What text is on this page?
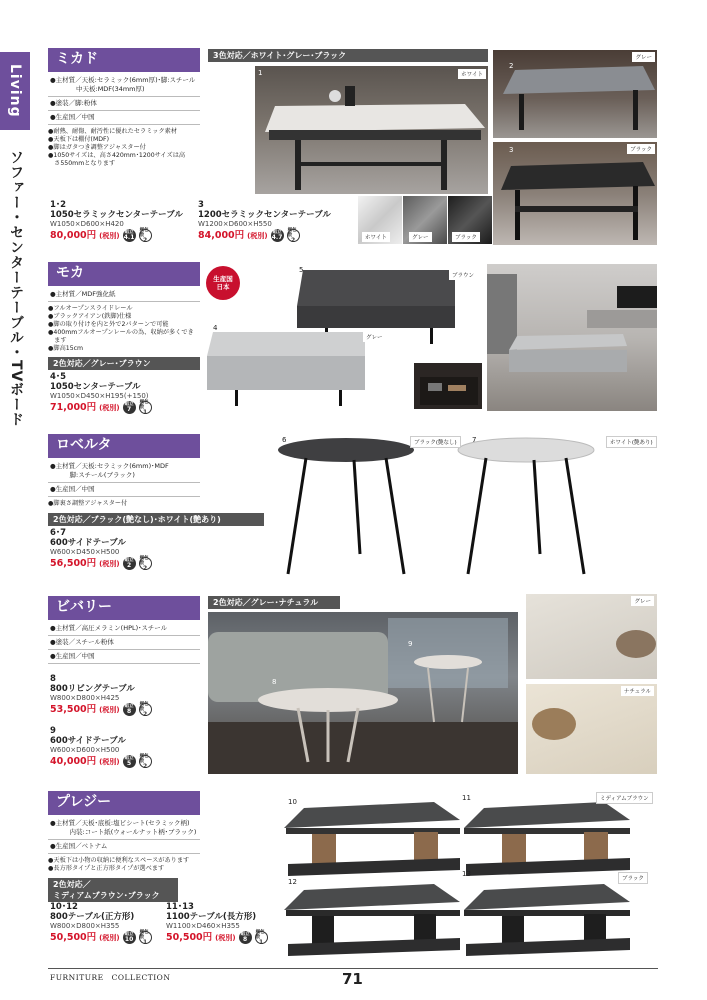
Living
ソファー・センターテーブル・TVボード
ミカド
●主材質／天板:セラミック(6mm厚)･脚:スチール
　　　　中天板:MDF(34mm厚)
●塗装／脚:粉体
●生産国／中国
●耐熱、耐傷、耐汚性に優れたセラミック素材
●天板下は棚付(MDF)
●脚はガタつき調整アジャスター付
●1050サイズは、高さ420mm･1200サイズは高
　さ550mmとなります
3色対応／ホワイト･グレー･ブラック
1	ホワイト
2
グレー
3	ブラック
ホワイト	グレー	ブラック
1･2
1050セラミックセンターテーブル
W1050×D600×H420
80,000円 (税別) 組立
4.1
梱包数
2
3
1200セラミックセンターテーブル
W1200×D600×H550
84,000円 (税別) 組立
4.7
梱包数
2
モカ
●主材質／MDF強化紙
●フルオープンスライドレール
●ブラックアイアン(鉄脚)仕様
●脚の取り付けを内と外で2パターンで可能
●400mmフルオープンレールの為、収納が多くでき
　ます
●脚高15cm
2色対応／グレー･ブラウン
生産国
日本
4･5
1050センターテーブル
W1050×D450×H195(+150)
71,000円 (税別) 組立
7
梱包数
1
5
ブラウン
4
グレー
ロベルタ
●主材質／天板:セラミック(6mm)･MDF
　　　脚:スチール(ブラック)
●生産国／中国
●脚裏さ調整アジャスター付
2色対応／ブラック(艶なし)･ホワイト(艶あり)
6･7
600サイドテーブル
W600×D450×H500
56,500円 (税別) 組立
2
梱包数
2
6	ブラック(艶なし)	7	ホワイト(艶あり)
ビバリー
●主材質／高圧メラミン(HPL)･スチール
●塗装／スチール粉体
●生産国／中国
2色対応／グレー･ナチュラル
8
800リビングテーブル
W800×D800×H425
53,500円 (税別) 組立
8
梱包数
2
9
600サイドテーブル
W600×D600×H500
40,000円 (税別) 組立
5
梱包数
2
8
9
グレー
ナチュラル
プレジー
●主材質／天板･底板:塩ビシート(セラミック柄)
　　　内装:コート紙(ウォールナット柄･ブラック)
●生産国／ベトナム
●天板下は小物の収納に便利なスペースがあります
●長方形タイプと正方形タイプが選べます
2色対応／
ミディアムブラウン･ブラック
10･12
800テーブル(正方形)
W800×D800×H355
50,500円 (税別) 組立
10
梱包数
1
11･13
1100テーブル(長方形)
W1100×D460×H355
50,500円 (税別) 組立
8
梱包数
1
10	11	ミディアムブラウン
12
13
ブラック
FURNITURE　COLLECTION	71
